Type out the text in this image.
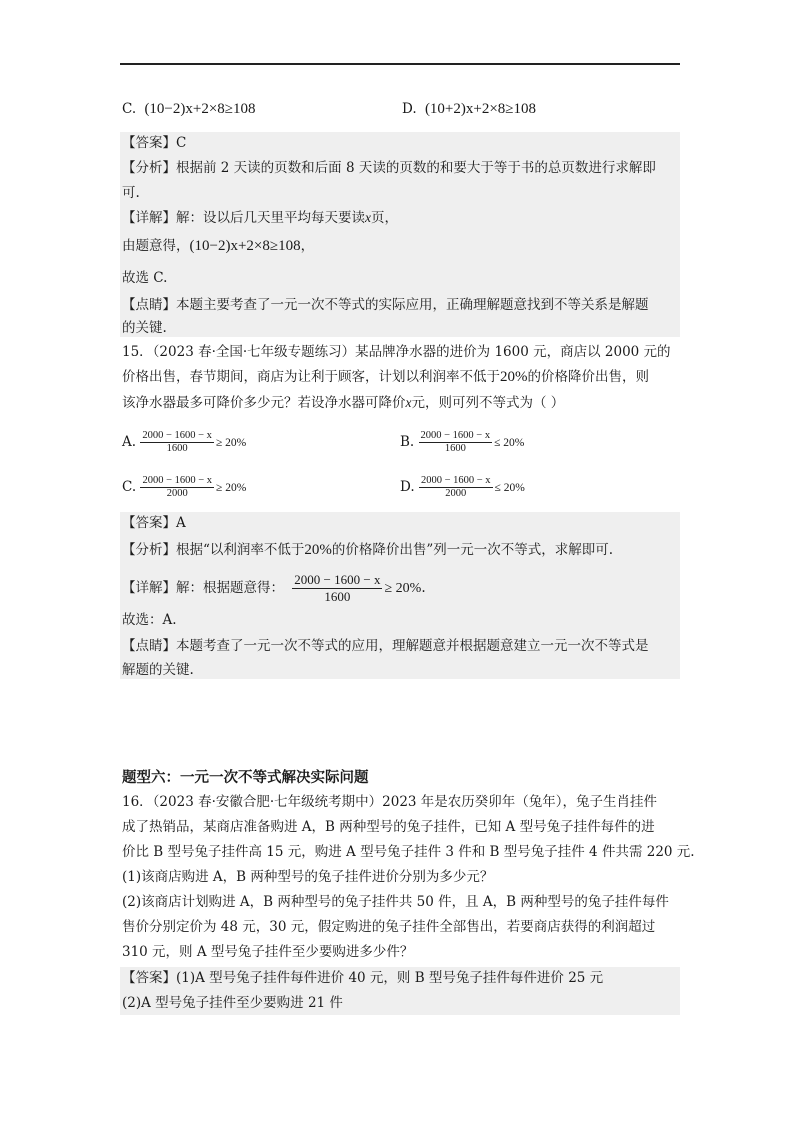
C. (10−2)x+2×8≥108	D. (10+2)x+2×8≥108
【答案】C
【分析】根据前 2 天读的页数和后面 8 天读的页数的和要大于等于书的总页数进行求解即
可.
【详解】解：设以后几天里平均每天要读x页，
由题意得，(10−2)x+2×8≥108，
故选 C.
【点睛】本题主要考查了一元一次不等式的实际应用，正确理解题意找到不等关系是解题
的关键.
15．（2023 春·全国·七年级专题练习）某品牌净水器的进价为 1600 元，商店以 2000 元的
价格出售，春节期间，商店为让利于顾客，计划以利润率不低于20%的价格降价出售，则
该净水器最多可降价多少元？若设净水器可降价x元，则可列不等式为（ ）
A. $\frac{2000 - 1600 - x}{1600} \ge 20\%$	B. $\frac{2000 - 1600 - x}{1600} \le 20\%$
C. $\frac{2000 - 1600 - x}{2000} \ge 20\%$	D. $\frac{2000 - 1600 - x}{2000} \le 20\%$
【答案】A
【分析】根据“以利润率不低于20%的价格降价出售”列一元一次不等式，求解即可.
【详解】解：根据题意得： $\frac{2000 - 1600 - x}{1600} \ge 20\%$.
故选：A.
【点睛】本题考查了一元一次不等式的应用，理解题意并根据题意建立一元一次不等式是
解题的关键.
题型六：一元一次不等式解决实际问题
16．（2023 春·安徽合肥·七年级统考期中）2023 年是农历癸卯年（兔年），兔子生肖挂件
成了热销品，某商店准备购进 A，B 两种型号的兔子挂件，已知 A 型号兔子挂件每件的进
价比 B 型号兔子挂件高 15 元，购进 A 型号兔子挂件 3 件和 B 型号兔子挂件 4 件共需 220 元.
(1)该商店购进 A，B 两种型号的兔子挂件进价分别为多少元？
(2)该商店计划购进 A，B 两种型号的兔子挂件共 50 件，且 A，B 两种型号的兔子挂件每件
售价分别定价为 48 元，30 元，假定购进的兔子挂件全部售出，若要商店获得的利润超过
310 元，则 A 型号兔子挂件至少要购进多少件？
【答案】(1)A 型号兔子挂件每件进价 40 元，则 B 型号兔子挂件每件进价 25 元
(2)A 型号兔子挂件至少要购进 21 件
